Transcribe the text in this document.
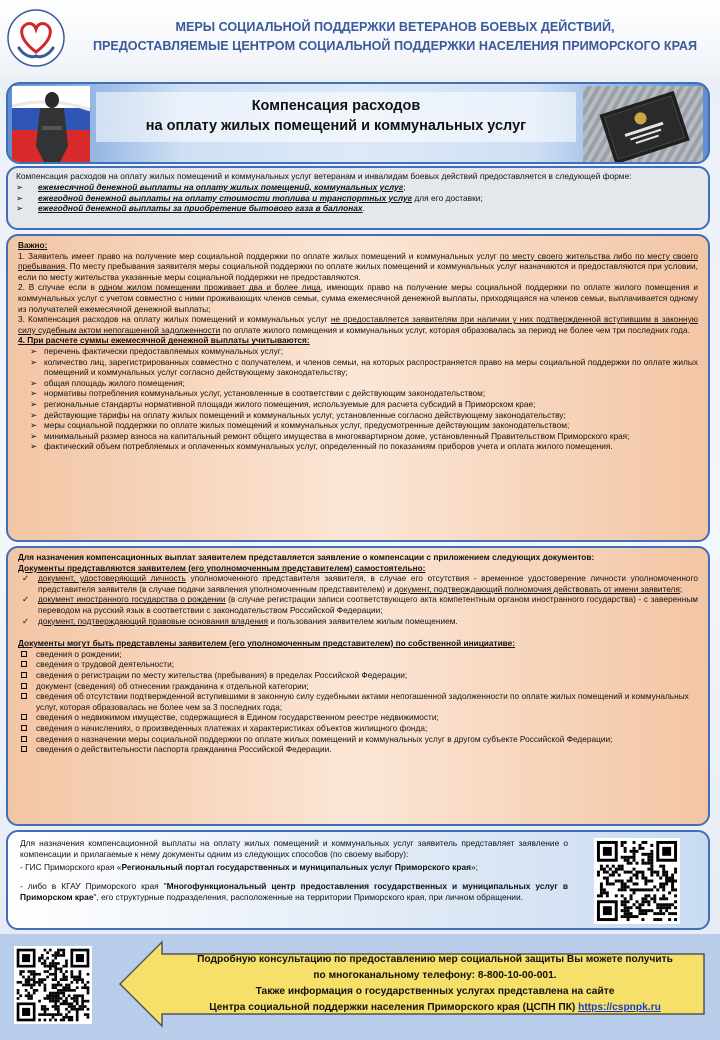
МЕРЫ СОЦИАЛЬНОЙ ПОДДЕРЖКИ ВЕТЕРАНОВ БОЕВЫХ ДЕЙСТВИЙ,
ПРЕДОСТАВЛЯЕМЫЕ ЦЕНТРОМ СОЦИАЛЬНОЙ ПОДДЕРЖКИ НАСЕЛЕНИЯ ПРИМОРСКОГО КРАЯ
Компенсация расходов
на оплату жилых помещений и коммунальных услуг
Компенсация расходов на оплату жилых помещений и коммунальных услуг ветеранам и инвалидам боевых действий предоставляется в следующей форме:
➢ ежемесячной денежной выплаты на оплату жилых помещений, коммунальных услуг;
➢ ежегодной денежной выплаты на оплату стоимости топлива и транспортных услуг для его доставки;
➢ ежегодной денежной выплаты за приобретение бытового газа в баллонах.
Важно:
1. Заявитель имеет право на получение мер социальной поддержки по оплате жилых помещений и коммунальных услуг по месту своего жительства либо по месту своего пребывания. По месту пребывания заявителя меры социальной поддержки по оплате жилых помещений и коммунальных услуг назначаются и предоставляются при условии, если по месту жительства указанные меры социальной поддержки не предоставляются.
2. В случае если в одном жилом помещении проживает два и более лица, имеющих право на получение меры социальной поддержки по оплате жилого помещения и коммунальных услуг с учетом совместно с ними проживающих членов семьи, сумма ежемесячной денежной выплаты, приходящаяся на членов семьи, выплачивается одному из получателей ежемесячной денежной выплаты;
3. Компенсация расходов на оплату жилых помещений и коммунальных услуг не предоставляется заявителям при наличии у них подтвержденной вступившим в законную силу судебным актом непогашенной задолженности по оплате жилого помещения и коммунальных услуг, которая образовалась за период не более чем три последних года.
4. При расчете суммы ежемесячной денежной выплаты учитываются:
➢ перечень фактически предоставляемых коммунальных услуг;
➢ количество лиц, зарегистрированных совместно с получателем, и членов семьи, на которых распространяется право на меры социальной поддержки по оплате жилых помещений и коммунальных услуг согласно действующему законодательству;
➢ общая площадь жилого помещения;
➢ нормативы потребления коммунальных услуг, установленные в соответствии с действующим законодательством;
➢ региональные стандарты нормативной площади жилого помещения, используемые для расчета субсидий в Приморском крае;
➢ действующие тарифы на оплату жилых помещений и коммунальных услуг, установленные согласно действующему законодательству;
➢ меры социальной поддержки по оплате жилых помещений и коммунальных услуг, предусмотренные действующим законодательством;
➢ минимальный размер взноса на капитальный ремонт общего имущества в многоквартирном доме, установленный Правительством Приморского края;
➢ фактический объем потребляемых и оплаченных коммунальных услуг, определенный по показаниям приборов учета и оплата жилого помещения.
Для назначения компенсационных выплат заявителем представляется заявление о компенсации с приложением следующих документов:
Документы представляются заявителем (его уполномоченным представителем) самостоятельно:
✓ документ, удостоверяющий личность уполномоченного представителя заявителя, в случае его отсутствия - временное удостоверение личности уполномоченного представителя заявителя (в случае подачи заявления уполномоченным представителем) и документ, подтверждающий полномочия действовать от имени заявителя;
✓ документ иностранного государства о рождении (в случае регистрации записи соответствующего акта компетентным органом иностранного государства) - с заверенным переводом на русский язык в соответствии с законодательством Российской Федерации;
✓ документ, подтверждающий правовые основания владения и пользования заявителем жилым помещением.
Документы могут быть представлены заявителем (его уполномоченным представителем) по собственной инициативе:
сведения о рождении;
сведения о трудовой деятельности;
сведения о регистрации по месту жительства (пребывания) в пределах Российской Федерации;
документ (сведения) об отнесении гражданина к отдельной категории;
сведения об отсутствии подтвержденной вступившими в законную силу судебными актами непогашенной задолженности по оплате жилых помещений и коммунальных услуг, которая образовалась не более чем за 3 последних года;
сведения о недвижимом имуществе, содержащиеся в Едином государственном реестре недвижимости;
сведения о начислениях, о произведенных платежах и характеристиках объектов жилищного фонда;
сведения о назначении меры социальной поддержки по оплате жилых помещений и коммунальных услуг в другом субъекте Российской Федерации;
сведения о действительности паспорта гражданина Российской Федерации.
Для назначения компенсационной выплаты на оплату жилых помещений и коммунальных услуг заявитель представляет заявление о компенсации и прилагаемые к нему документы одним из следующих способов (по своему выбору):
- ГИС Приморского края «Региональный портал государственных и муниципальных услуг Приморского края»;
- либо в КГАУ Приморского края "Многофункциональный центр предоставления государственных и муниципальных услуг в Приморском крае", его структурные подразделения, расположенные на территории Приморского края, при личном обращении.
Подробную консультацию по предоставлению мер социальной защиты Вы можете получить
по многоканальному телефону: 8-800-10-00-001.
Также информация о государственных услугах представлена на сайте
Центра социальной поддержки населения Приморского края (ЦСПН ПК) https://cspnpk.ru
